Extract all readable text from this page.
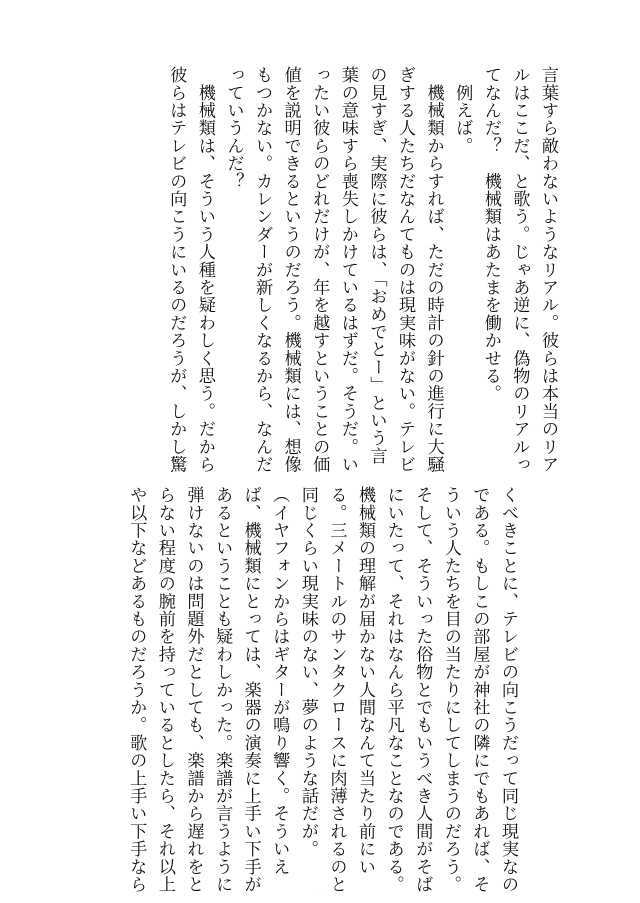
言葉すら敵わないようなリアル。彼らは本当のリア
ルはここだ、と歌う。じゃあ逆に、偽物のリアルっ
てなんだ？　機械類はあたまを働かせる。
　例えば。
　機械類からすれば、ただの時計の針の進行に大騒
ぎする人たちだなんてものは現実味がない。テレビ
の見すぎ、実際に彼らは、「おめでとー」という言
葉の意味すら喪失しかけているはずだ。そうだ。い
ったい彼らのどれだけが、年を越すということの価
値を説明できるというのだろう。機械類には、想像
もつかない。カレンダーが新しくなるから、なんだ
っていうんだ？
　機械類は、そういう人種を疑わしく思う。だから
彼らはテレビの向こうにいるのだろうが、しかし驚
くべきことに、テレビの向こうだって同じ現実なの
である。もしこの部屋が神社の隣にでもあれば、そ
ういう人たちを目の当たりにしてしまうのだろう。
そして、そういった俗物とでもいうべき人間がそば
にいたって、それはなんら平凡なことなのである。
機械類の理解が届かない人間なんて当たり前にい
る。三メートルのサンタクロースに肉薄されるのと
同じくらい現実味のない、夢のような話だが。
（イヤフォンからはギターが鳴り響く。そういえ
ば、機械類にとっては、楽器の演奏に上手い下手が
あるということも疑わしかった。楽譜が言うように
弾けないのは問題外だとしても、楽譜から遅れをと
らない程度の腕前を持っているとしたら、それ以上
や以下などあるものだろうか。歌の上手い下手なら	.
